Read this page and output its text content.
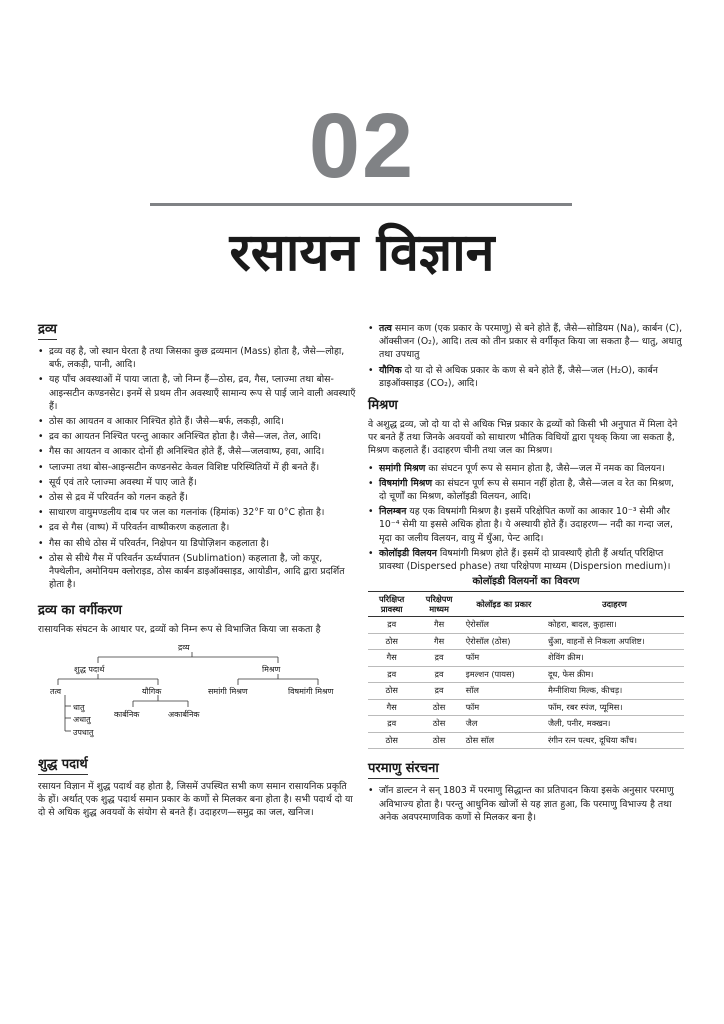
02
रसायन विज्ञान
द्रव्य
• द्रव्य वह है, जो स्थान घेरता है तथा जिसका कुछ द्रव्यमान (Mass) होता है, जैसे—लोहा, बर्फ, लकड़ी, पानी, आदि।
• यह पाँच अवस्थाओं में पाया जाता है, जो निम्न हैं—ठोस, द्रव, गैस, प्लाज्मा तथा बोस-आइन्सटीन कण्डनसेट। इनमें से प्रथम तीन अवस्थाएँ सामान्य रूप से पाई जाने वाली अवस्थाएँ हैं।
• ठोस का आयतन व आकार निश्चित होते हैं। जैसे—बर्फ, लकड़ी, आदि।
• द्रव का आयतन निश्चित परन्तु आकार अनिश्चित होता है। जैसे—जल, तेल, आदि।
• गैस का आयतन व आकार दोनों ही अनिश्चित होते हैं, जैसे—जलवाष्प, हवा, आदि।
• प्लाज्मा तथा बोस-आइन्सटीन कण्डनसेट केवल विशिष्ट परिस्थितियों में ही बनते हैं।
• सूर्य एवं तारे प्लाज्मा अवस्था में पाए जाते हैं।
• ठोस से द्रव में परिवर्तन को गलन कहते हैं।
• साधारण वायुमण्डलीय दाब पर जल का गलनांक (हिमांक) 32°F या 0°C होता है।
• द्रव से गैस (वाष्प) में परिवर्तन वाष्पीकरण कहलाता है।
• गैस का सीधे ठोस में परिवर्तन, निक्षेपन या डिपोज़िशन कहलाता है।
• ठोस से सीधे गैस में परिवर्तन ऊर्ध्वपातन (Sublimation) कहलाता है, जो कपूर, नैफ्थेलीन, अमोनियम क्लोराइड, ठोस कार्बन डाइऑक्साइड, आयोडीन, आदि द्वारा प्रदर्शित होता है।
द्रव्य का वर्गीकरण

रासायनिक संघटन के आधार पर, द्रव्यों को निम्न रूप से विभाजित किया जा सकता है

द्रव्य
शुद्ध पदार्थ	मिश्रण
तत्व	यौगिक	समांगी मिश्रण	विषमांगी मिश्रण
धातु
अधातु
उपधातु
कार्बनिक	अकार्बनिक
शुद्ध पदार्थ

रसायन विज्ञान में शुद्ध पदार्थ वह होता है, जिसमें उपस्थित सभी कण समान रासायनिक प्रकृति के हों। अर्थात् एक शुद्ध पदार्थ समान प्रकार के कणों से मिलकर बना होता है। सभी पदार्थ दो या दो से अधिक शुद्ध अवयवों के संयोग से बनते हैं। उदाहरण—समुद्र का जल, खनिज।

• तत्व समान कण (एक प्रकार के परमाणु) से बने होते हैं, जैसे—सोडियम (Na), कार्बन (C), ऑक्सीजन (O₂), आदि। तत्व को तीन प्रकार से वर्गीकृत किया जा सकता है— धातु, अधातु तथा उपधातु
• यौगिक दो या दो से अधिक प्रकार के कण से बने होते हैं, जैसे—जल (H₂O), कार्बन डाइऑक्साइड (CO₂), आदि।
मिश्रण

वे अशुद्ध द्रव्य, जो दो या दो से अधिक भिन्न प्रकार के द्रव्यों को किसी भी अनुपात में मिला देने पर बनते हैं तथा जिनके अवयवों को साधारण भौतिक विधियों द्वारा पृथक् किया जा सकता है, मिश्रण कहलाते हैं। उदाहरण चीनी तथा जल का मिश्रण।

• समांगी मिश्रण का संघटन पूर्ण रूप से समान होता है, जैसे—जल में नमक का विलयन।
• विषमांगी मिश्रण का संघटन पूर्ण रूप से समान नहीं होता है, जैसे—जल व रेत का मिश्रण, दो चूर्णों का मिश्रण, कोलॉइडी विलयन, आदि।
• निलम्बन यह एक विषमांगी मिश्रण है। इसमें परिक्षेपित कणों का आकार 10⁻³ सेमी और 10⁻⁴ सेमी या इससे अधिक होता है। ये अस्थायी होते हैं। उदाहरण— नदी का गन्दा जल, मृदा का जलीय विलयन, वायु में धुँआ, पेन्ट आदि।
• कोलॉइडी विलयन विषमांगी मिश्रण होते हैं। इसमें दो प्रावस्थाएँ होती हैं अर्थात् परिक्षिप्त प्रावस्था (Dispersed phase) तथा परिक्षेपण माध्यम (Dispersion medium)।
कोलॉइडी विलयनों का विवरण
परिक्षिप्त प्रावस्था	परिक्षेपण माध्यम	कोलॉइड का प्रकार	उदाहरण
द्रव	गैस	ऐरोसॉल	कोहरा, बादल, कुहासा।
ठोस	गैस	ऐरोसॉल (ठोस)	धुँआ, वाहनों से निकला अपशिष्ट।
गैस	द्रव	फॉम	शेविंग क्रीम।
द्रव	द्रव	इमल्शन (पायस)	दूध, फेस क्रीम।
ठोस	द्रव	सॉल	मैग्नीशिया मिल्क, कीचड़।
गैस	ठोस	फॉम	फॉम, रबर स्पंज, प्यूमिस।
द्रव	ठोस	जैल	जैली, पनीर, मक्खन।
ठोस	ठोस	ठोस सॉल	रंगीन रत्न पत्थर, दूधिया काँच।
परमाणु संरचना
• जॉन डाल्टन ने सन् 1803 में परमाणु सिद्धान्त का प्रतिपादन किया इसके अनुसार परमाणु अविभाज्य होता है। परन्तु आधुनिक खोजों से यह ज्ञात हुआ, कि परमाणु विभाज्य है तथा अनेक अवपरमाणविक कणों से मिलकर बना है।
